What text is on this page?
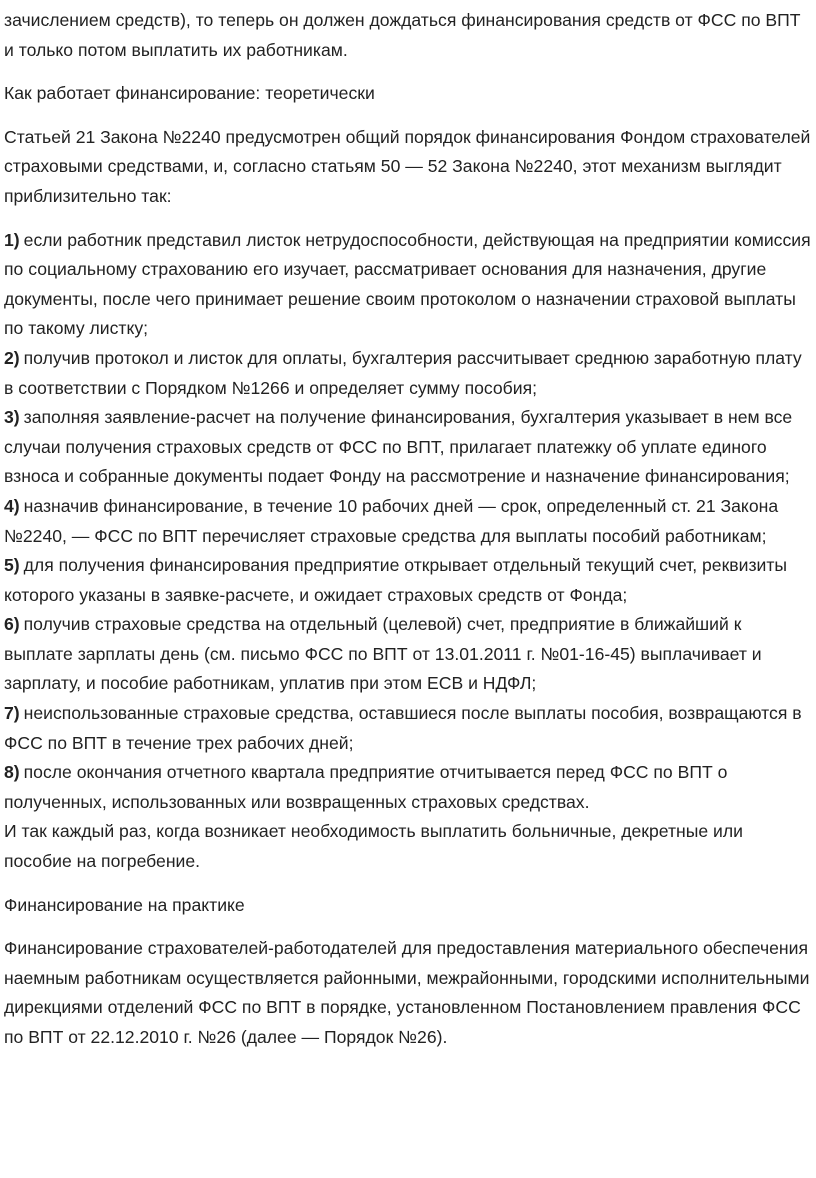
зачислением средств), то теперь он должен дождаться финансирования средств от ФСС по ВПТ и только потом выплатить их работникам.

Как работает финансирование: теоретически

Статьей 21 Закона №2240 предусмотрен общий порядок финансирования Фондом страхователей страховыми средствами, и, согласно статьям 50 — 52 Закона №2240, этот механизм выглядит приблизительно так:

1) если работник представил листок нетрудоспособности, действующая на предприятии комиссия по социальному страхованию его изучает, рассматривает основания для назначения, другие документы, после чего принимает решение своим протоколом о назначении страховой выплаты по такому листку;

2) получив протокол и листок для оплаты, бухгалтерия рассчитывает среднюю заработную плату в соответствии с Порядком №1266 и определяет сумму пособия;

3) заполняя заявление-расчет на получение финансирования, бухгалтерия указывает в нем все случаи получения страховых средств от ФСС по ВПТ, прилагает платежку об уплате единого взноса и собранные документы подает Фонду на рассмотрение и назначение финансирования;

4) назначив финансирование, в течение 10 рабочих дней — срок, определенный ст. 21 Закона №2240, — ФСС по ВПТ перечисляет страховые средства для выплаты пособий работникам;

5) для получения финансирования предприятие открывает отдельный текущий счет, реквизиты которого указаны в заявке-расчете, и ожидает страховых средств от Фонда;

6) получив страховые средства на отдельный (целевой) счет, предприятие в ближайший к выплате зарплаты день (см. письмо ФСС по ВПТ от 13.01.2011 г. №01-16-45) выплачивает и зарплату, и пособие работникам, уплатив при этом ЕСВ и НДФЛ;

7) неиспользованные страховые средства, оставшиеся после выплаты пособия, возвращаются в ФСС по ВПТ в течение трех рабочих дней;

8) после окончания отчетного квартала предприятие отчитывается перед ФСС по ВПТ о полученных, использованных или возвращенных страховых средствах.

И так каждый раз, когда возникает необходимость выплатить больничные, декретные или пособие на погребение.

Финансирование на практике

Финансирование страхователей-работодателей для предоставления материального обеспечения наемным работникам осуществляется районными, межрайонными, городскими исполнительными дирекциями отделений ФСС по ВПТ в порядке, установленном Постановлением правления ФСС по ВПТ от 22.12.2010 г. №26 (далее — Порядок №26).
